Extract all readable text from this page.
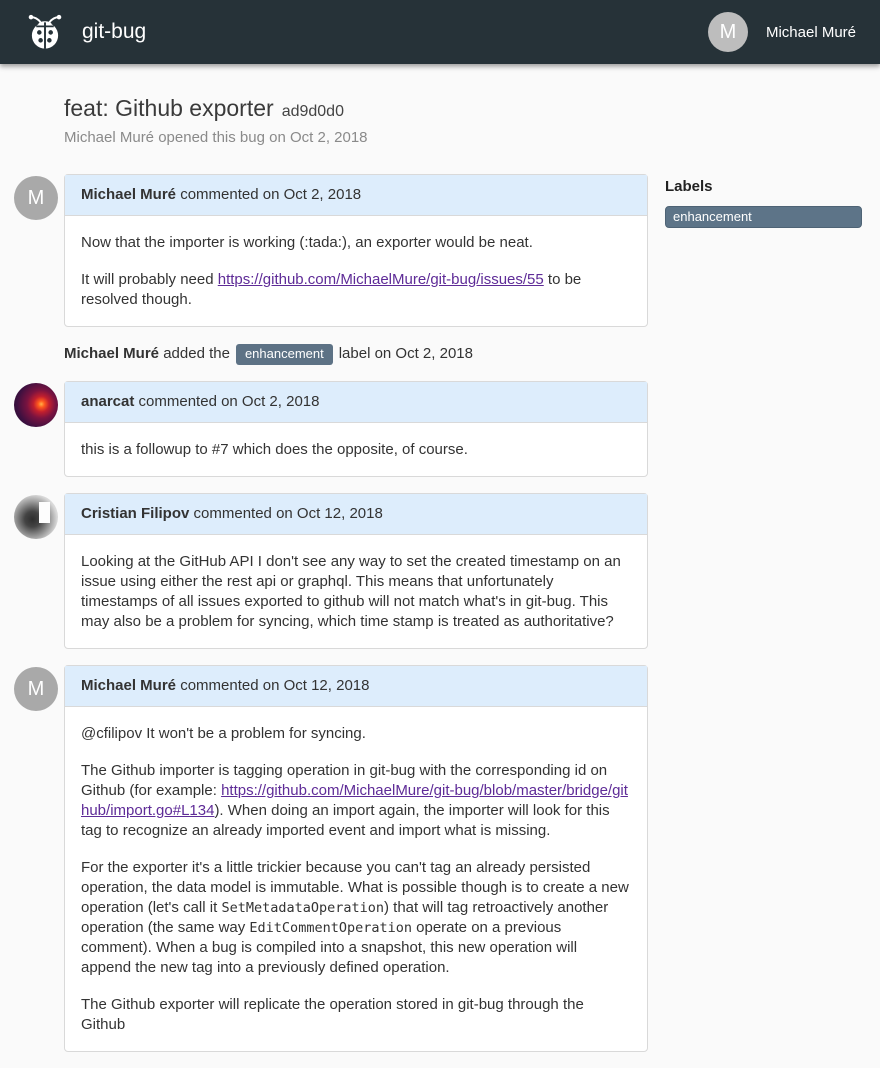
git-bug	M	Michael Muré
feat: Github exporter ad9d0d0
Michael Muré opened this bug on Oct 2, 2018
M	Michael Muré commented on Oct 2, 2018

Now that the importer is working (:tada:), an exporter would be neat.

It will probably need https://github.com/MichaelMure/git-bug/issues/55 to be resolved though.

Michael Muré added the	enhancement	label on Oct 2, 2018
anarcat commented on Oct 2, 2018

this is a followup to #7 which does the opposite, of course.

Cristian Filipov commented on Oct 12, 2018

Looking at the GitHub API I don't see any way to set the created timestamp on an issue using either the rest api or graphql. This means that unfortunately timestamps of all issues exported to github will not match what's in git-bug. This may also be a problem for syncing, which time stamp is treated as authoritative?

M	Michael Muré commented on Oct 12, 2018

@cfilipov It won't be a problem for syncing.

The Github importer is tagging operation in git-bug with the corresponding id on Github (for example: https://github.com/MichaelMure/git-bug/blob/master/bridge/github/import.go#L134). When doing an import again, the importer will look for this tag to recognize an already imported event and import what is missing.

For the exporter it's a little trickier because you can't tag an already persisted operation, the data model is immutable. What is possible though is to create a new operation (let's call it SetMetadataOperation) that will tag retroactively another operation (the same way EditCommentOperation operate on a previous comment). When a bug is compiled into a snapshot, this new operation will append the new tag into a previously defined operation.

The Github exporter will replicate the operation stored in git-bug through the Github

Labels
enhancement
